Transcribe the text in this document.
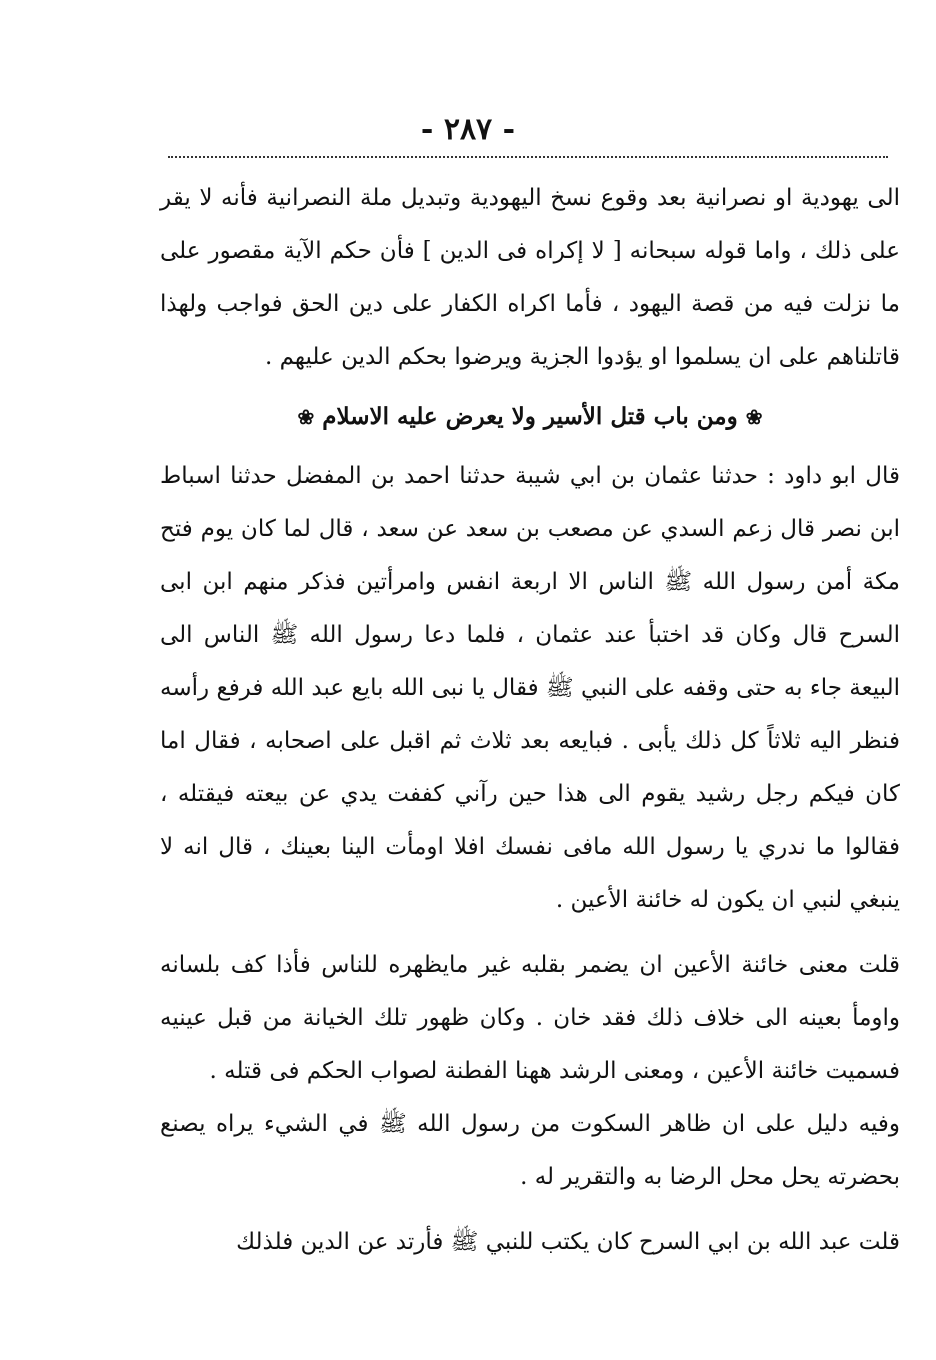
- ٢٨٧ -

الى يهودية او نصرانية بعد وقوع نسخ اليهودية وتبديل ملة النصرانية فأنه لا يقر على ذلك ، واما قوله سبحانه [ لا إكراه فى الدين ] فأن حكم الآية مقصور على ما نزلت فيه من قصة اليهود ، فأما اكراه الكفار على دين الحق فواجب ولهذا قاتلناهم على ان يسلموا او يؤدوا الجزية ويرضوا بحكم الدين عليهم .

❀ومن باب قتل الأسير ولا يعرض عليه الاسلام❀

قال ابو داود : حدثنا عثمان بن ابي شيبة حدثنا احمد بن المفضل حدثنا اسباط ابن نصر قال زعم السدي عن مصعب بن سعد عن سعد ، قال لما كان يوم فتح مكة أمن رسول الله ﷺ الناس الا اربعة انفس وامرأتين فذكر منهم ابن ابى السرح قال وكان قد اختبأ عند عثمان ، فلما دعا رسول الله ﷺ الناس الى البيعة جاء به حتى وقفه على النبي ﷺ فقال يا نبى الله بايع عبد الله فرفع رأسه فنظر اليه ثلاثاً كل ذلك يأبى . فبايعه بعد ثلاث ثم اقبل على اصحابه ، فقال اما كان فيكم رجل رشيد يقوم الى هذا حين رآني كففت يدي عن بيعته فيقتله ، فقالوا ما ندري يا رسول الله مافى نفسك افلا اومأت الينا بعينك ، قال انه لا ينبغي لنبي ان يكون له خائنة الأعين .

قلت معنى خائنة الأعين ان يضمر بقلبه غير مايظهره للناس فأذا كف بلسانه واومأ بعينه الى خلاف ذلك فقد خان . وكان ظهور تلك الخيانة من قبل عينيه فسميت خائنة الأعين ، ومعنى الرشد ههنا الفطنة لصواب الحكم فى قتله .

وفيه دليل على ان ظاهر السكوت من رسول الله ﷺ في الشيء يراه يصنع بحضرته يحل محل الرضا به والتقرير له .

قلت عبد الله بن ابي السرح كان يكتب للنبي ﷺ فأرتد عن الدين فلذلك
